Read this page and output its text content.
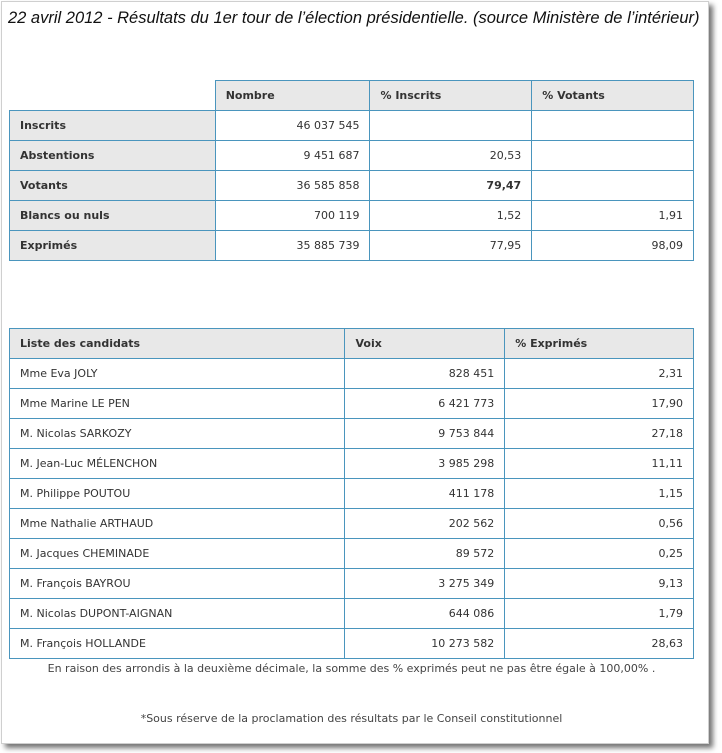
22 avril 2012 - Résultats du 1er tour de l’élection présidentielle. (source Ministère de l’intérieur)
	Nombre	% Inscrits	% Votants
Inscrits	46 037 545		
Abstentions	9 451 687	20,53	
Votants	36 585 858	79,47	
Blancs ou nuls	700 119	1,52	1,91
Exprimés	35 885 739	77,95	98,09
Liste des candidats	Voix	% Exprimés
Mme Eva JOLY	828 451	2,31
Mme Marine LE PEN	6 421 773	17,90
M. Nicolas SARKOZY	9 753 844	27,18
M. Jean-Luc MÉLENCHON	3 985 298	11,11
M. Philippe POUTOU	411 178	1,15
Mme Nathalie ARTHAUD	202 562	0,56
M. Jacques CHEMINADE	89 572	0,25
M. François BAYROU	3 275 349	9,13
M. Nicolas DUPONT-AIGNAN	644 086	1,79
M. François HOLLANDE	10 273 582	28,63
En raison des arrondis à la deuxième décimale, la somme des % exprimés peut ne pas être égale à 100,00% .
*Sous réserve de la proclamation des résultats par le Conseil constitutionnel
